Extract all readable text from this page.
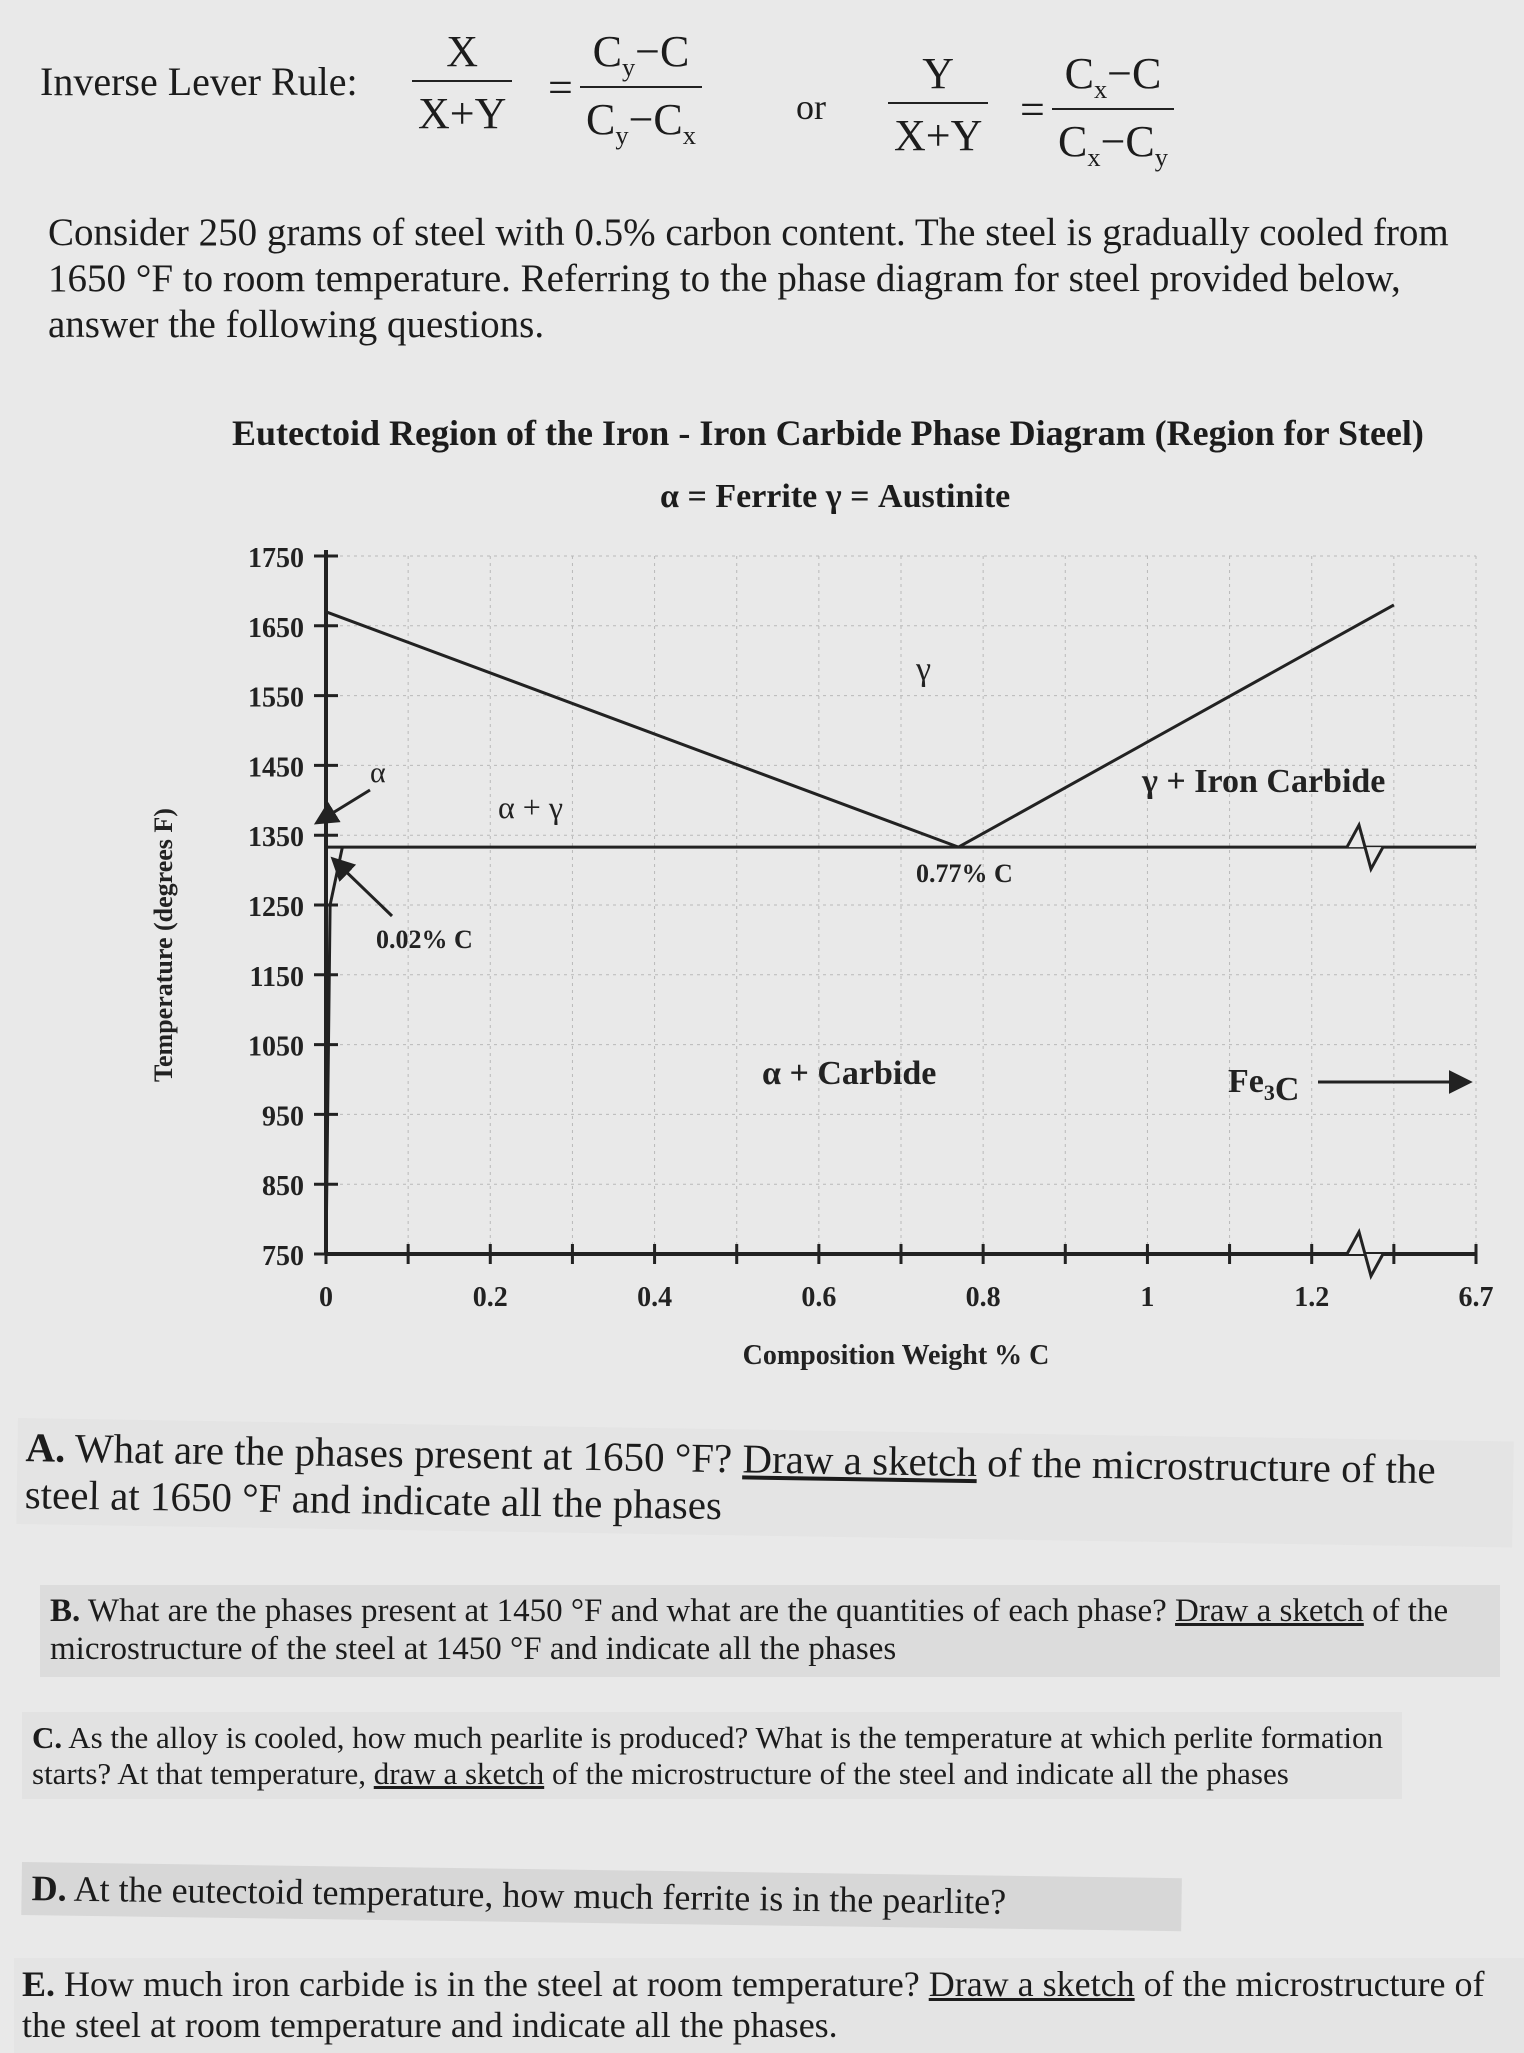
Inverse Lever Rule: $\frac{X}{X+Y} = \frac{C_y-C}{C_y-C_x}$	or $\frac{Y}{X+Y} = \frac{C_x-C}{C_x-C_y}$
Consider 250 grams of steel with 0.5% carbon content. The steel is gradually cooled from 1650 °F to room temperature. Referring to the phase diagram for steel provided below, answer the following questions.
Eutectoid Region of the Iron - Iron Carbide Phase Diagram (Region for Steel)
α = Ferrite γ = Austinite
1750
1650
1550
1450
1350
1250
1150
1050
950
850
750
0	0.2	0.4	0.6	0.8	1	1.2	6.7
Composition Weight % C
Temperature (degrees F)
γ
α
α + γ
γ + Iron Carbide
0.77% C
0.02% C
α + Carbide	$Fe_3C$
A. What are the phases present at 1650 °F? Draw a sketch of the microstructure of the steel at 1650 °F and indicate all the phases
B. What are the phases present at 1450 °F and what are the quantities of each phase? Draw a sketch of the microstructure of the steel at 1450 °F and indicate all the phases
C. As the alloy is cooled, how much pearlite is produced? What is the temperature at which perlite formation starts? At that temperature, draw a sketch of the microstructure of the steel and indicate all the phases
D. At the eutectoid temperature, how much ferrite is in the pearlite?
E. How much iron carbide is in the steel at room temperature? Draw a sketch of the microstructure of the steel at room temperature and indicate all the phases.
